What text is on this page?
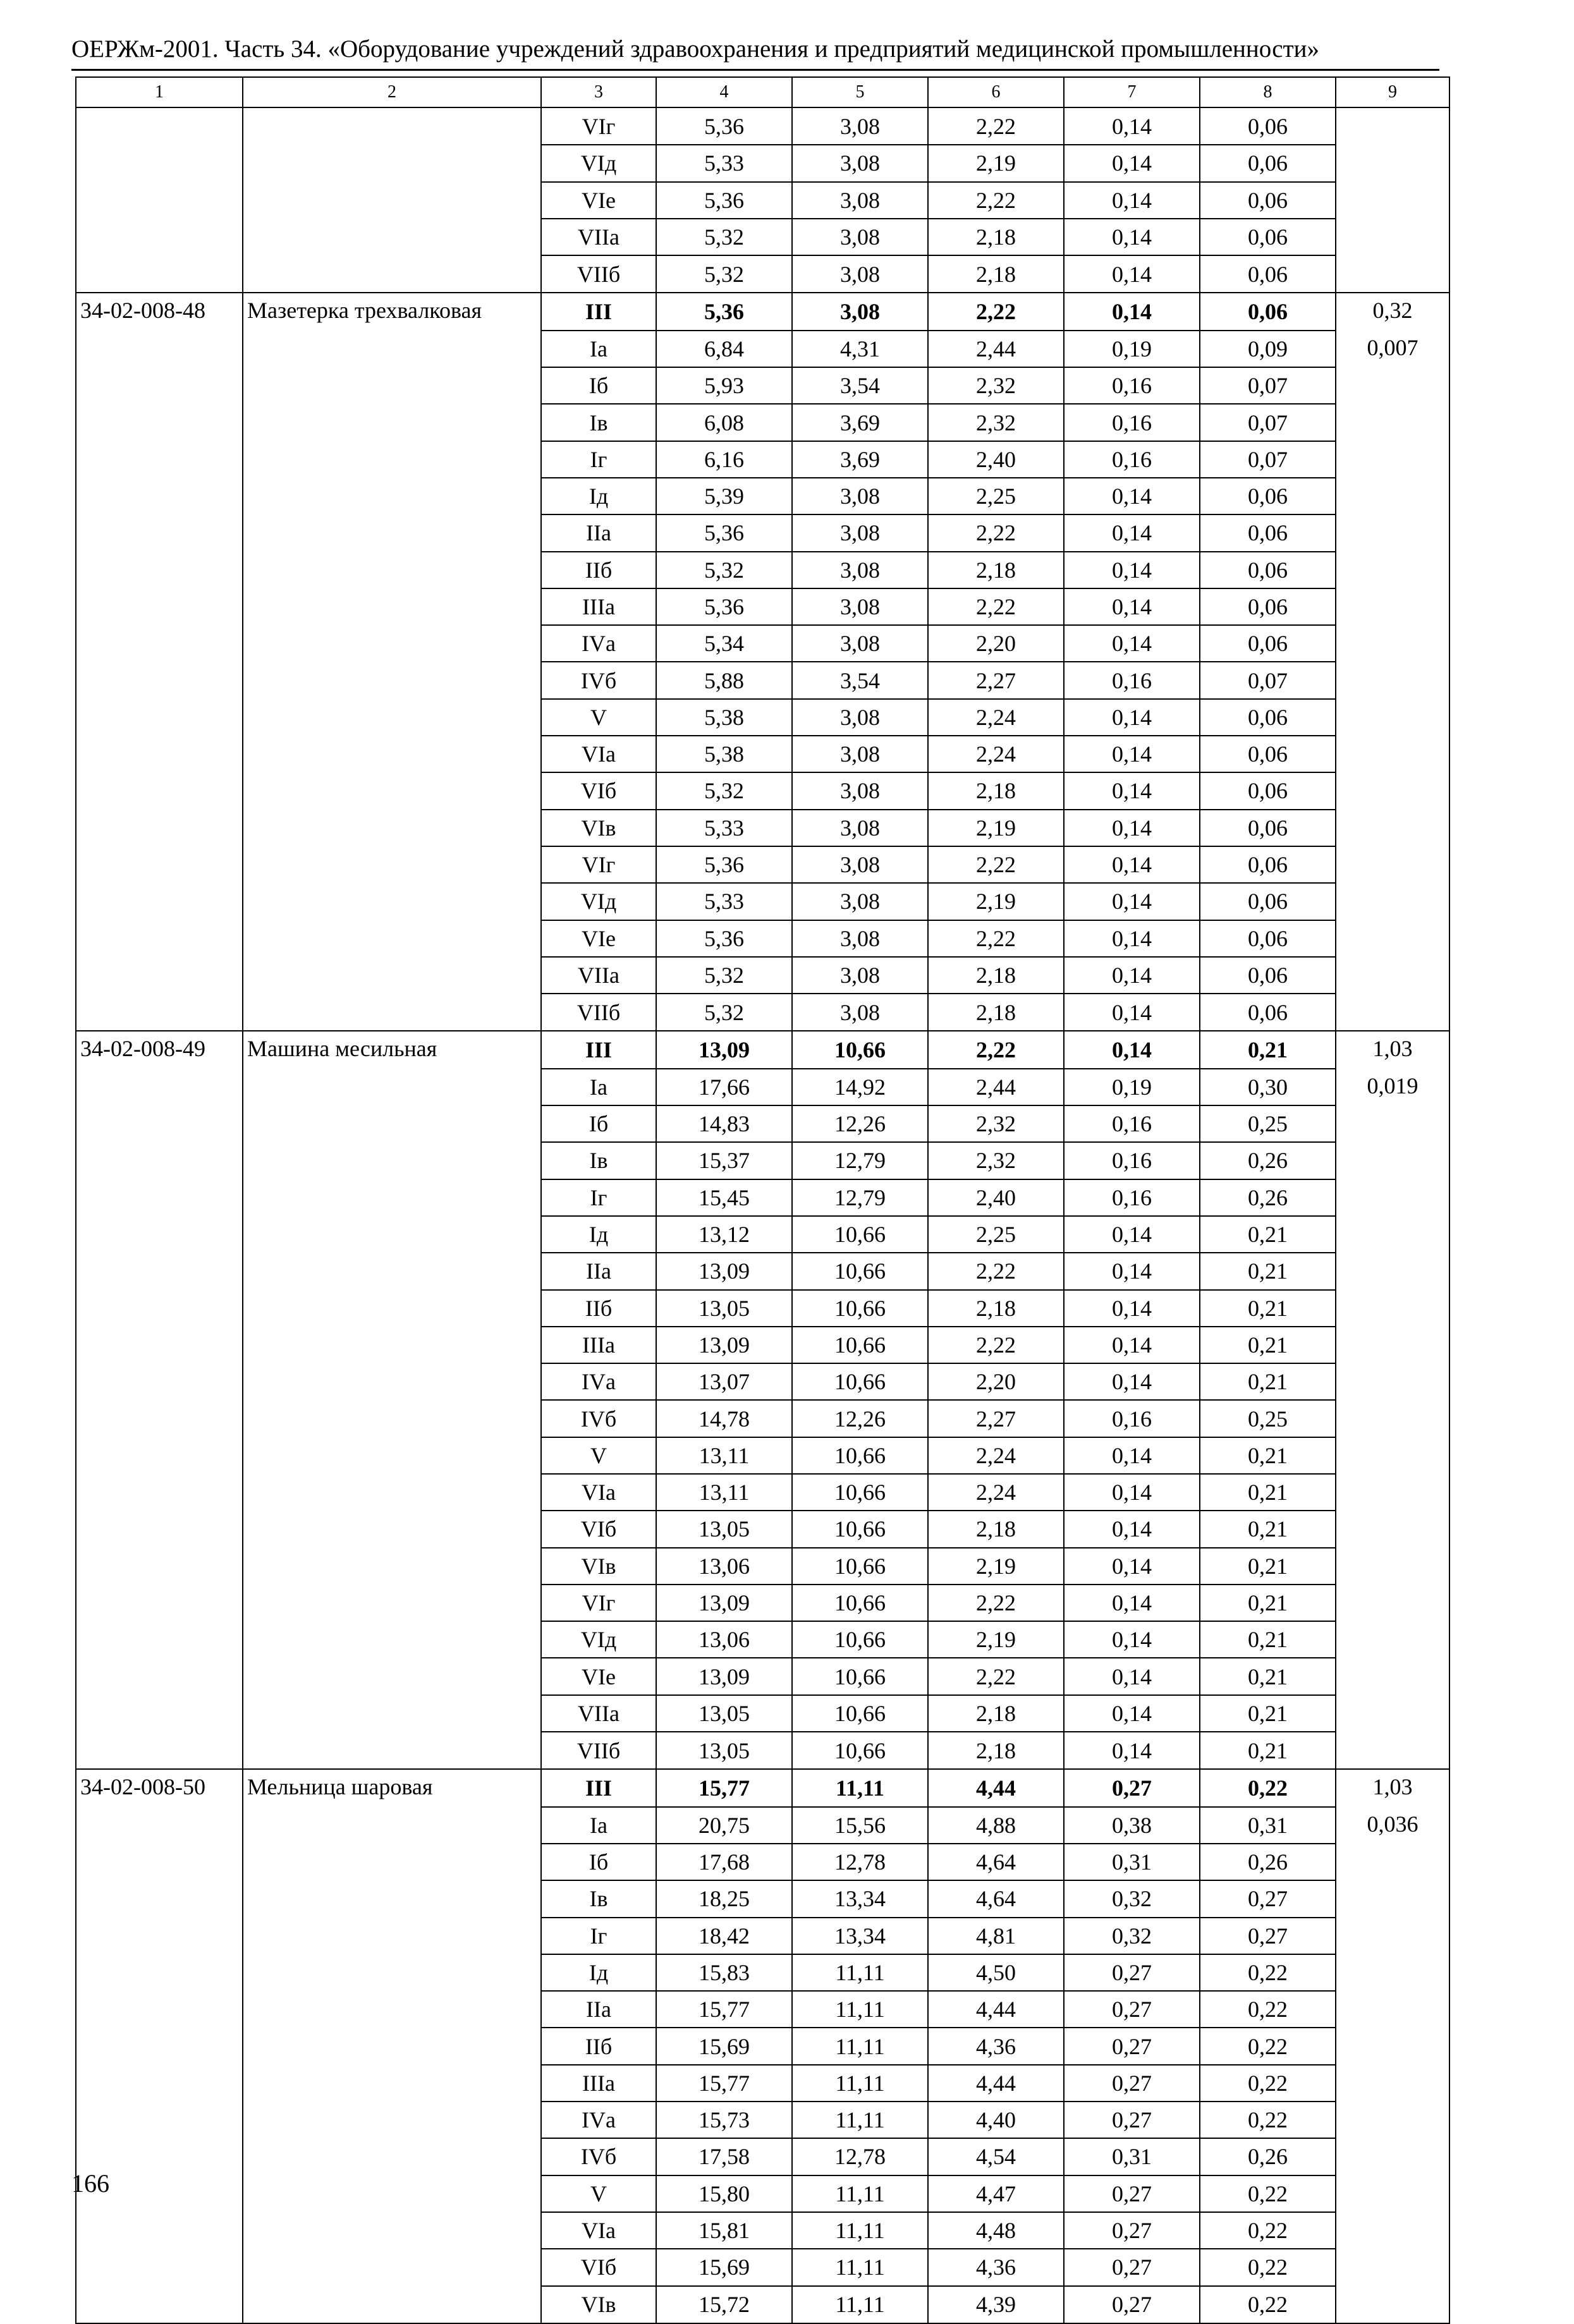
ОЕРЖм-2001. Часть 34. «Оборудование учреждений здравоохранения и предприятий медицинской промышленности»
1	2	3	4	5	6	7	8	9
		VIг	5,36	3,08	2,22	0,14	0,06	
		VIд	5,33	3,08	2,19	0,14	0,06	
		VIе	5,36	3,08	2,22	0,14	0,06	
		VIIа	5,32	3,08	2,18	0,14	0,06	
		VIIб	5,32	3,08	2,18	0,14	0,06	
34-02-008-48	Мазетерка трехвалковая	III	5,36	3,08	2,22	0,14	0,06	0,32
		Iа	6,84	4,31	2,44	0,19	0,09	0,007
		Iб	5,93	3,54	2,32	0,16	0,07	
		Iв	6,08	3,69	2,32	0,16	0,07	
		Iг	6,16	3,69	2,40	0,16	0,07	
		Iд	5,39	3,08	2,25	0,14	0,06	
		IIа	5,36	3,08	2,22	0,14	0,06	
		IIб	5,32	3,08	2,18	0,14	0,06	
		IIIа	5,36	3,08	2,22	0,14	0,06	
		IVа	5,34	3,08	2,20	0,14	0,06	
		IVб	5,88	3,54	2,27	0,16	0,07	
		V	5,38	3,08	2,24	0,14	0,06	
		VIа	5,38	3,08	2,24	0,14	0,06	
		VIб	5,32	3,08	2,18	0,14	0,06	
		VIв	5,33	3,08	2,19	0,14	0,06	
		VIг	5,36	3,08	2,22	0,14	0,06	
		VIд	5,33	3,08	2,19	0,14	0,06	
		VIе	5,36	3,08	2,22	0,14	0,06	
		VIIа	5,32	3,08	2,18	0,14	0,06	
		VIIб	5,32	3,08	2,18	0,14	0,06	
34-02-008-49	Машина месильная	III	13,09	10,66	2,22	0,14	0,21	1,03
		Iа	17,66	14,92	2,44	0,19	0,30	0,019
		Iб	14,83	12,26	2,32	0,16	0,25	
		Iв	15,37	12,79	2,32	0,16	0,26	
		Iг	15,45	12,79	2,40	0,16	0,26	
		Iд	13,12	10,66	2,25	0,14	0,21	
		IIа	13,09	10,66	2,22	0,14	0,21	
		IIб	13,05	10,66	2,18	0,14	0,21	
		IIIа	13,09	10,66	2,22	0,14	0,21	
		IVа	13,07	10,66	2,20	0,14	0,21	
		IVб	14,78	12,26	2,27	0,16	0,25	
		V	13,11	10,66	2,24	0,14	0,21	
		VIа	13,11	10,66	2,24	0,14	0,21	
		VIб	13,05	10,66	2,18	0,14	0,21	
		VIв	13,06	10,66	2,19	0,14	0,21	
		VIг	13,09	10,66	2,22	0,14	0,21	
		VIд	13,06	10,66	2,19	0,14	0,21	
		VIе	13,09	10,66	2,22	0,14	0,21	
		VIIа	13,05	10,66	2,18	0,14	0,21	
		VIIб	13,05	10,66	2,18	0,14	0,21	
34-02-008-50	Мельница шаровая	III	15,77	11,11	4,44	0,27	0,22	1,03
		Iа	20,75	15,56	4,88	0,38	0,31	0,036
		Iб	17,68	12,78	4,64	0,31	0,26	
		Iв	18,25	13,34	4,64	0,32	0,27	
		Iг	18,42	13,34	4,81	0,32	0,27	
		Iд	15,83	11,11	4,50	0,27	0,22	
		IIа	15,77	11,11	4,44	0,27	0,22	
		IIб	15,69	11,11	4,36	0,27	0,22	
		IIIа	15,77	11,11	4,44	0,27	0,22	
		IVа	15,73	11,11	4,40	0,27	0,22	
		IVб	17,58	12,78	4,54	0,31	0,26	
		V	15,80	11,11	4,47	0,27	0,22	
		VIа	15,81	11,11	4,48	0,27	0,22	
		VIб	15,69	11,11	4,36	0,27	0,22	
		VIв	15,72	11,11	4,39	0,27	0,22	
166
